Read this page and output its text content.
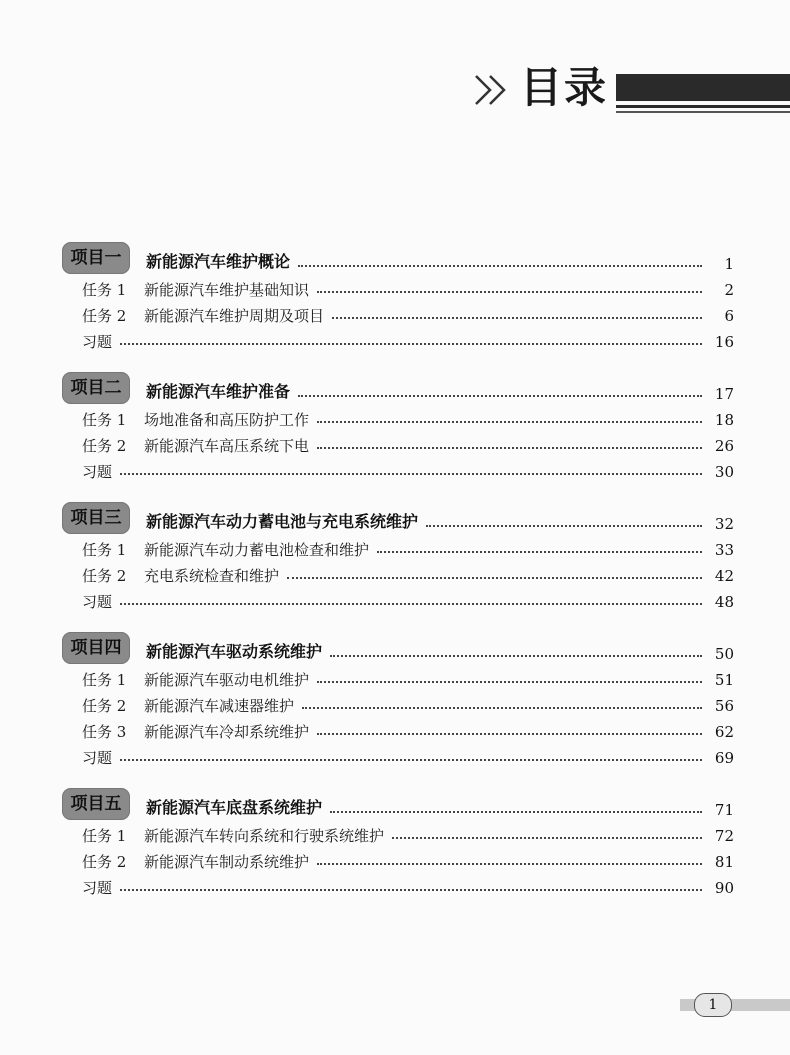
目录
项目一	新能源汽车维护概论	1
任务 1	新能源汽车维护基础知识	2
任务 2	新能源汽车维护周期及项目	6
习题	16
项目二	新能源汽车维护准备	17
任务 1	场地准备和高压防护工作	18
任务 2	新能源汽车高压系统下电	26
习题	30
项目三	新能源汽车动力蓄电池与充电系统维护	32
任务 1	新能源汽车动力蓄电池检查和维护	33
任务 2	充电系统检查和维护	42
习题	48
项目四	新能源汽车驱动系统维护	50
任务 1	新能源汽车驱动电机维护	51
任务 2	新能源汽车减速器维护	56
任务 3	新能源汽车冷却系统维护	62
习题	69
项目五	新能源汽车底盘系统维护	71
任务 1	新能源汽车转向系统和行驶系统维护	72
任务 2	新能源汽车制动系统维护	81
习题	90
1
